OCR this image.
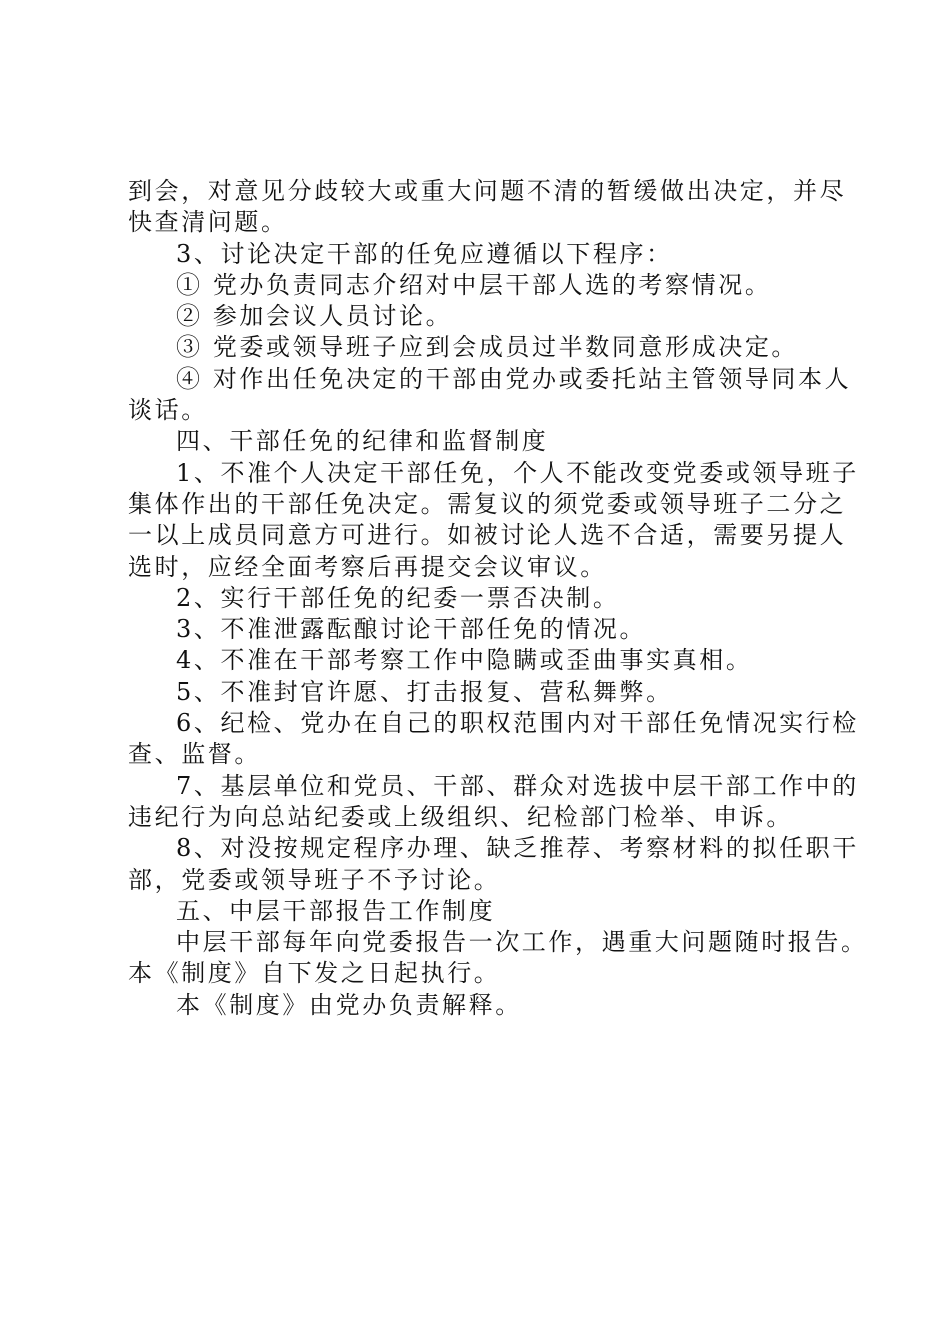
到会，对意见分歧较大或重大问题不清的暂缓做出决定，并尽
快查清问题。

3、讨论决定干部的任免应遵循以下程序：

① 党办负责同志介绍对中层干部人选的考察情况。

② 参加会议人员讨论。

③ 党委或领导班子应到会成员过半数同意形成决定。

④ 对作出任免决定的干部由党办或委托站主管领导同本人
谈话。

四、干部任免的纪律和监督制度

1、不准个人决定干部任免，个人不能改变党委或领导班子
集体作出的干部任免决定。需复议的须党委或领导班子二分之
一以上成员同意方可进行。如被讨论人选不合适，需要另提人
选时，应经全面考察后再提交会议审议。

2、实行干部任免的纪委一票否决制。

3、不准泄露酝酿讨论干部任免的情况。

4、不准在干部考察工作中隐瞒或歪曲事实真相。

5、不准封官许愿、打击报复、营私舞弊。

6、纪检、党办在自己的职权范围内对干部任免情况实行检
查、监督。

7、基层单位和党员、干部、群众对选拔中层干部工作中的
违纪行为向总站纪委或上级组织、纪检部门检举、申诉。

8、对没按规定程序办理、缺乏推荐、考察材料的拟任职干
部，党委或领导班子不予讨论。

五、中层干部报告工作制度

中层干部每年向党委报告一次工作，遇重大问题随时报告。
本《制度》自下发之日起执行。

本《制度》由党办负责解释。
